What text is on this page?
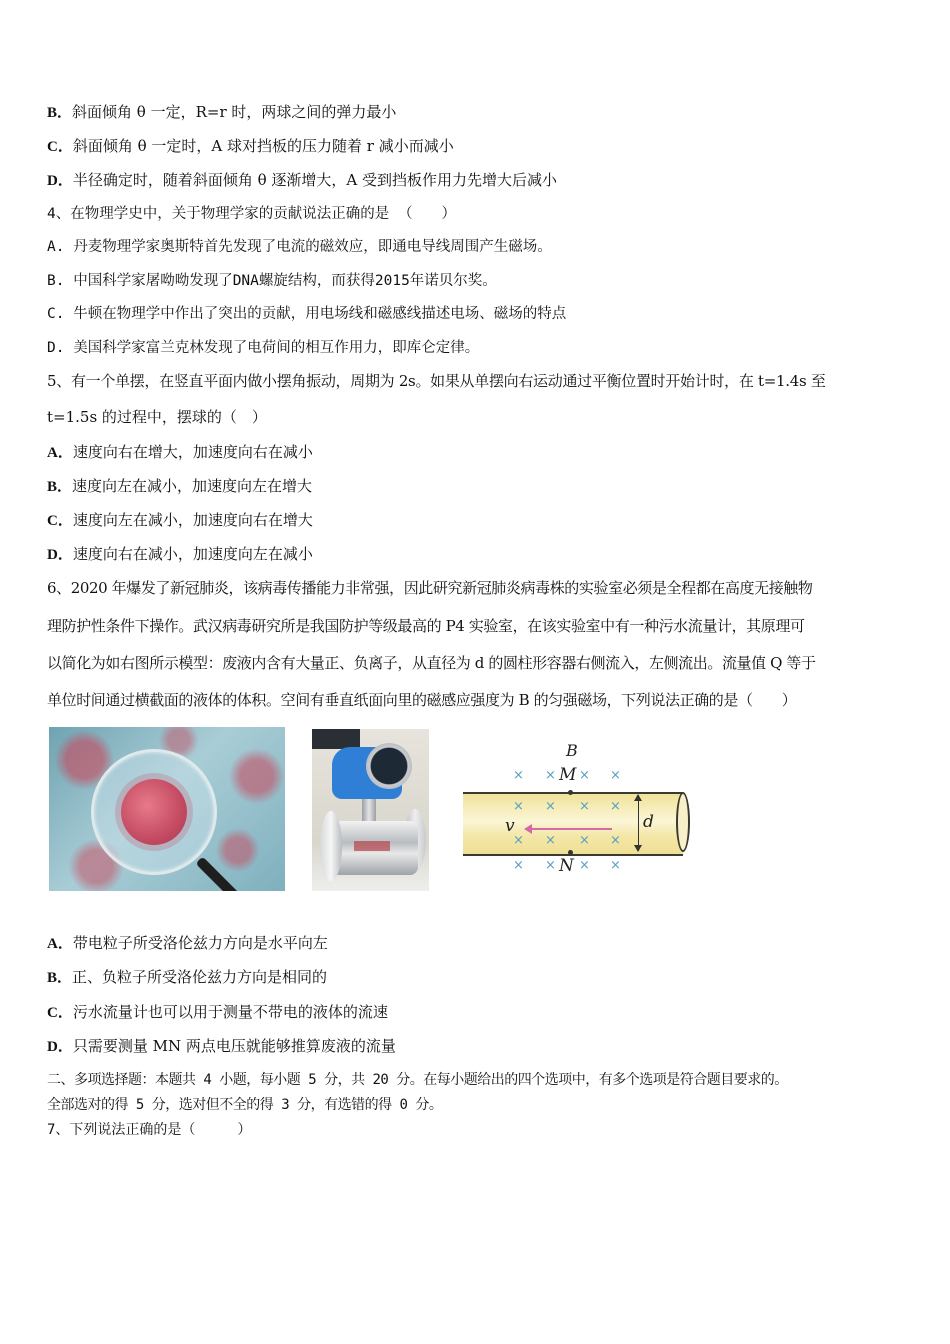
B．斜面倾角 θ 一定，R=r 时，两球之间的弹力最小
C．斜面倾角 θ 一定时，A 球对挡板的压力随着 r 减小而减小
D．半径确定时，随着斜面倾角 θ 逐渐增大，A 受到挡板作用力先增大后减小
4、在物理学史中，关于物理学家的贡献说法正确的是 （　　）
A. 丹麦物理学家奥斯特首先发现了电流的磁效应，即通电导线周围产生磁场。
B. 中国科学家屠呦呦发现了DNA螺旋结构，而获得2015年诺贝尔奖。
C. 牛顿在物理学中作出了突出的贡献，用电场线和磁感线描述电场、磁场的特点
D. 美国科学家富兰克林发现了电荷间的相互作用力，即库仑定律。
5、有一个单摆，在竖直平面内做小摆角振动，周期为 2s。如果从单摆向右运动通过平衡位置时开始计时，在 t=1.4s 至
t=1.5s 的过程中，摆球的（　）
A．速度向右在增大，加速度向右在减小
B．速度向左在减小，加速度向左在增大
C．速度向左在减小，加速度向右在增大
D．速度向右在减小，加速度向左在减小
6、2020 年爆发了新冠肺炎，该病毒传播能力非常强，因此研究新冠肺炎病毒株的实验室必须是全程都在高度无接触物
理防护性条件下操作。武汉病毒研究所是我国防护等级最高的 P4 实验室，在该实验室中有一种污水流量计，其原理可
以简化为如右图所示模型：废液内含有大量正、负离子，从直径为 d 的圆柱形容器右侧流入，左侧流出。流量值 Q 等于
单位时间通过横截面的液体的体积。空间有垂直纸面向里的磁感应强度为 B 的匀强磁场，下列说法正确的是（　　）
B
× × M × ×
× × × ×
v
× × × ×
d
× × N × ×
A．带电粒子所受洛伦兹力方向是水平向左
B．正、负粒子所受洛伦兹力方向是相同的
C．污水流量计也可以用于测量不带电的液体的流速
D．只需要测量 MN 两点电压就能够推算废液的流量
二、多项选择题：本题共 4 小题，每小题 5 分，共 20 分。在每小题给出的四个选项中，有多个选项是符合题目要求的。
全部选对的得 5 分，选对但不全的得 3 分，有选错的得 0 分。
7、下列说法正确的是（　　　）
